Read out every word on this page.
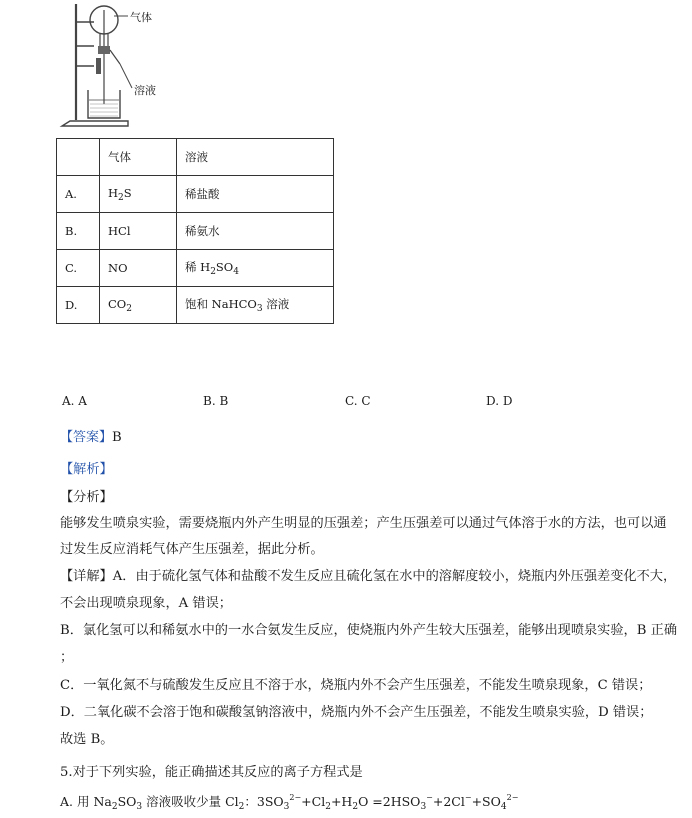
气体
溶液
	气体	溶液
A.	$H_2S$	稀盐酸
B.	HCl	稀氨水
C.	NO	稀 $H_2SO_4$
D.	$CO_2$	饱和 NaHCO$_3$ 溶液
A. A	B. B	C. C	D. D
【答案】B
【解析】
【分析】
能够发生喷泉实验，需要烧瓶内外产生明显的压强差；产生压强差可以通过气体溶于水的方法，也可以通
过发生反应消耗气体产生压强差，据此分析。
【详解】A．由于硫化氢气体和盐酸不发生反应且硫化氢在水中的溶解度较小，烧瓶内外压强差变化不大，
不会出现喷泉现象，A 错误；
B．氯化氢可以和稀氨水中的一水合氨发生反应，使烧瓶内外产生较大压强差，能够出现喷泉实验，B 正确
；
C．一氧化氮不与硫酸发生反应且不溶于水，烧瓶内外不会产生压强差，不能发生喷泉现象，C 错误；
D．二氧化碳不会溶于饱和碳酸氢钠溶液中，烧瓶内外不会产生压强差，不能发生喷泉实验，D 错误；
故选 B。
5.对于下列实验，能正确描述其反应的离子方程式是
A. 用 $Na_2SO_3$ 溶液吸收少量 $Cl_2$：$3SO_3^{2-}+Cl_2+H_2O =2HSO_3^-+2Cl^-+SO_4^{2-}$
